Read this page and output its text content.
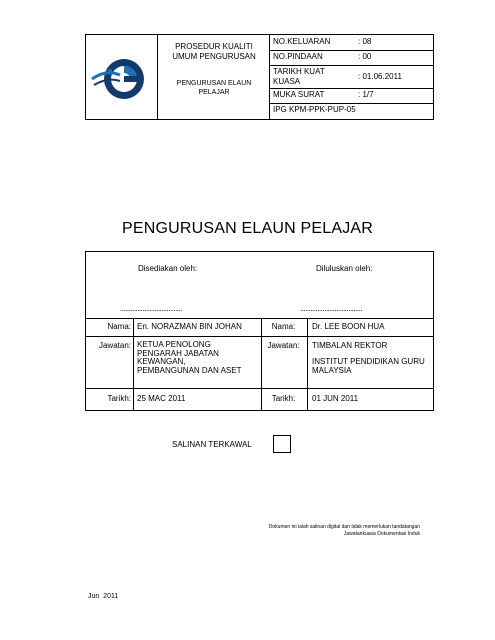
PROSEDUR KUALITI
UMUM PENGURUSAN
PENGURUSAN ELAUN
PELAJAR
NO.KELUARAN	: 08
NO.PINDAAN	: 00
TARIKH KUAT KUASA
: 01.06.2011
MUKA SURAT	: 1/7
IPG KPM-PPK-PUP-05
PENGURUSAN ELAUN PELAJAR
Disediakan oleh:	Diluluskan oleh:
....................................	....................................
Nama: En. NORAZMAN BIN JOHAN	Nama:	Dr. LEE BOON HUA
Jawatan: KETUA PENOLONG
PENGARAH JABATAN
KEWANGAN,
PEMBANGUNAN DAN ASET
Jawatan:	TIMBALAN REKTOR
INSTITUT PENDIDIKAN GURU
MALAYSIA
Tarikh: 25 MAC 2011	Tarikh:	01 JUN 2011
SALINAN TERKAWAL
Dokumen ini ialah salinan digital dan tidak memerlukan tandatangan
Jawatankuasa Dokumentasi Induk
Jun  2011
